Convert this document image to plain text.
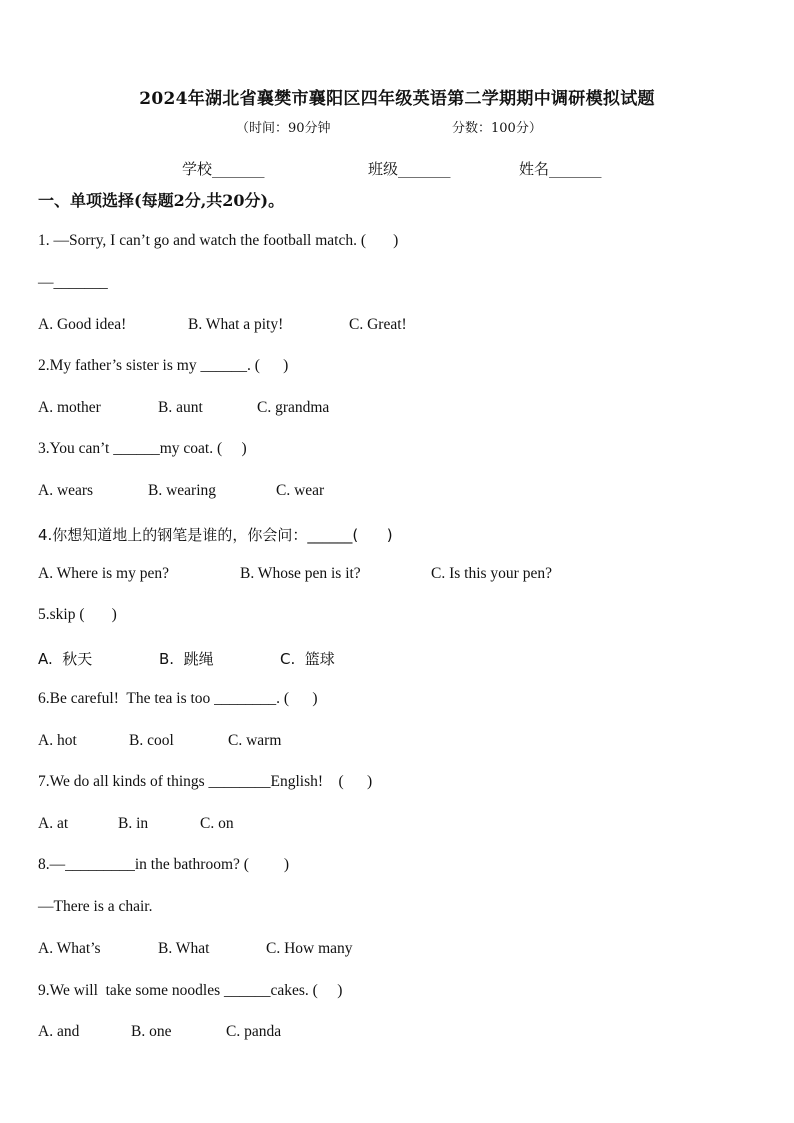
2024年湖北省襄樊市襄阳区四年级英语第二学期期中调研模拟试题
（时间：90分钟	分数：100分）
学校_______	班级_______	姓名_______
一、单项选择(每题2分,共20分)。
1. —Sorry, I can’t go and watch the football match. (       )
—_______
A. Good idea!	B. What a pity!	C. Great!
2.My father’s sister is my ______. (      )
A. mother	B. aunt	C. grandma
3.You can’t ______my coat. (     )
A. wears	B. wearing	C. wear
4.你想知道地上的钢笔是谁的，你会问：______(      )
A. Where is my pen?	B. Whose pen is it?	C. Is this your pen?
5.skip (       )
A.  秋天	B.  跳绳	C.  篮球
6.Be careful!  The tea is too ________. (      )
A. hot	B. cool	C. warm
7.We do all kinds of things ________English!    (      )
A. at	B. in	C. on
8.—_________in the bathroom? (         )
—There is a chair.
A. What’s	B. What	C. How many
9.We will  take some noodles ______cakes. (     )
A. and	B. one	C. panda
